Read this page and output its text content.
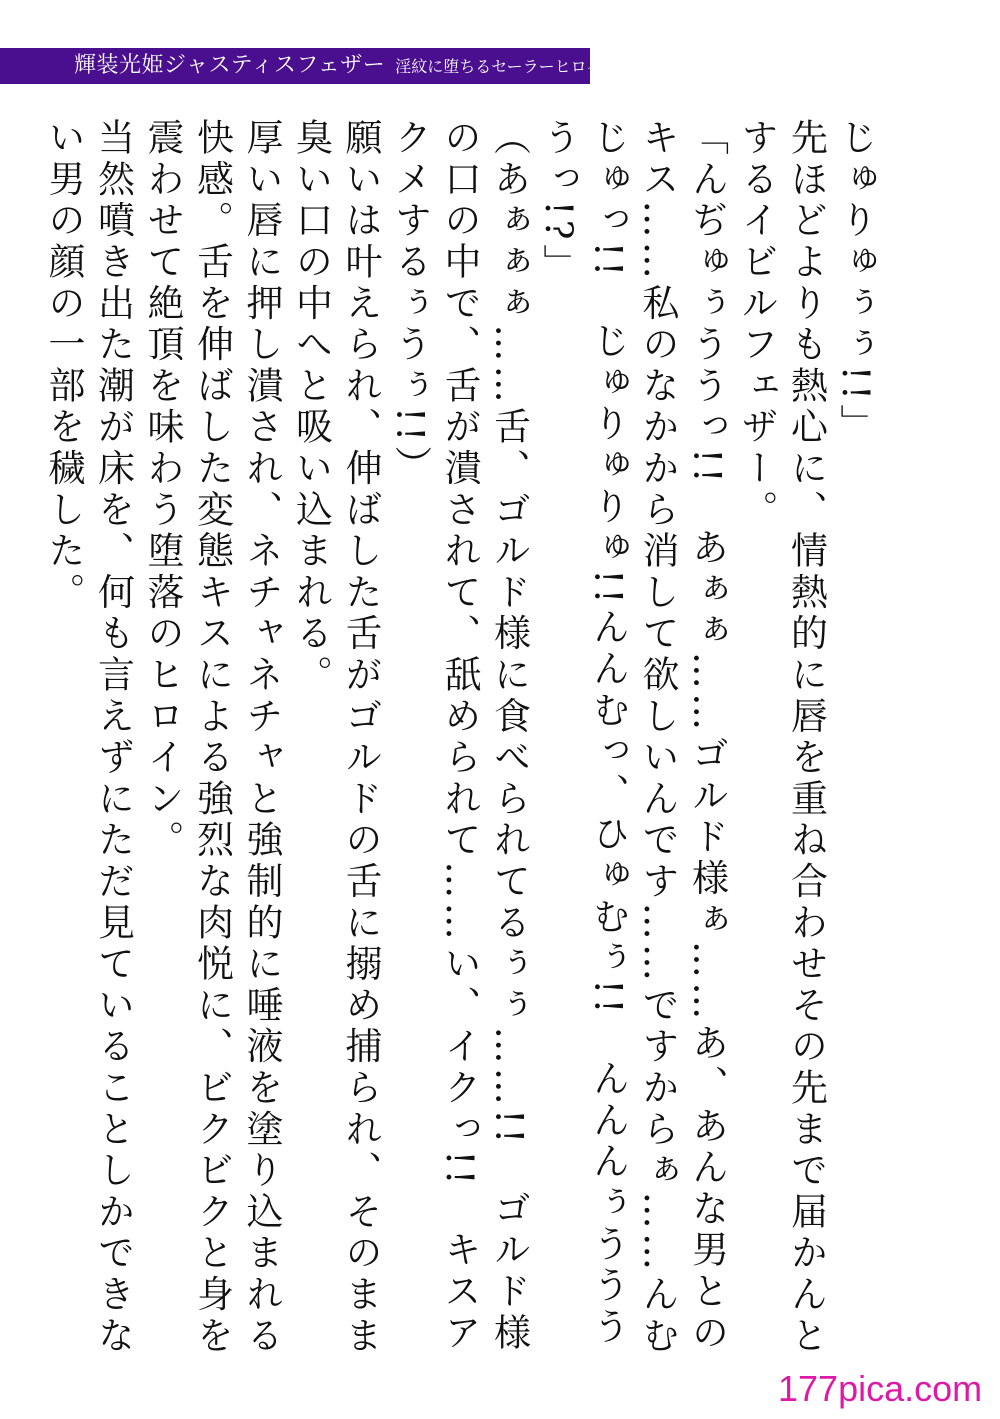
輝装光姫ジャスティスフェザー 淫紋に堕ちるセーラーヒロイン

じゅりゅぅぅ!!」

先ほどよりも熱心に、情熱的に唇を重ね合わせその先まで届かんとするイビルフェザー。

「んぢゅぅううっ!!　あぁぁ……ゴルド様ぁ……あ、あんな男とのキス……私のなかから消して欲しいんです……ですからぁ……んむじゅっ!!　じゅりゅりゅ!!んんむっ、ひゅむぅ!!　んんんぅううううっ!?」

（あぁぁぁ……舌、ゴルド様に食べられてるぅぅ……!!　ゴルド様の口の中で、舌が潰されて、舐められて……い、イクっ!!　キスアクメするぅうぅ!!）

願いは叶えられ、伸ばした舌がゴルドの舌に搦め捕られ、そのまま臭い口の中へと吸い込まれる。

厚い唇に押し潰され、ネチャネチャと強制的に唾液を塗り込まれる快感。舌を伸ばした変態キスによる強烈な肉悦に、ビクビクと身を震わせて絶頂を味わう堕落のヒロイン。

当然噴き出た潮が床を、何も言えずにただ見ていることしかできない男の顔の一部を穢した。

177pica.com
